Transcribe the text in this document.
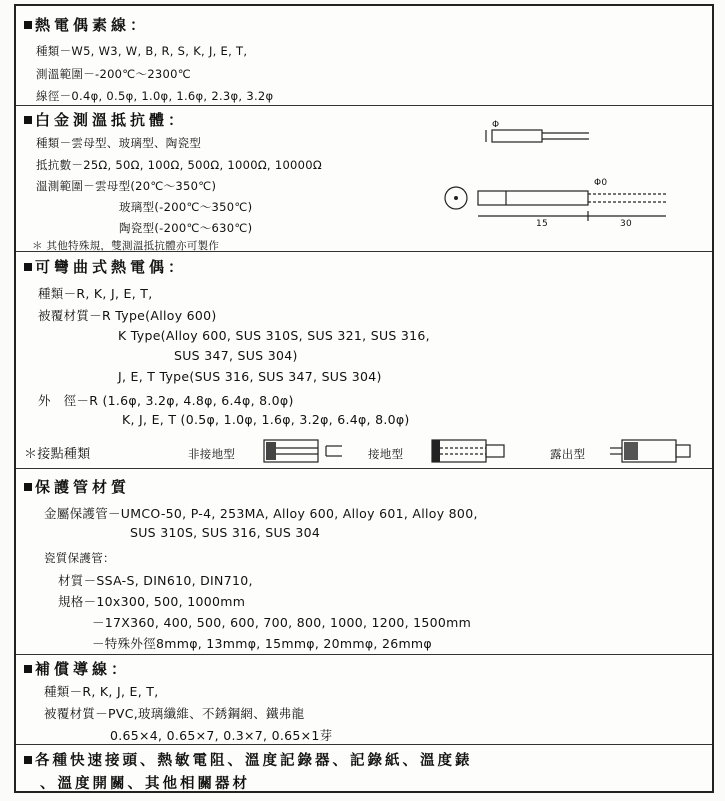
熱電偶素線：
種類－W5, W3, W, B, R, S, K, J, E, T,
測溫範圍－-200℃～2300℃
線徑－0.4φ, 0.5φ, 1.0φ, 1.6φ, 2.3φ, 3.2φ
白金測溫抵抗體：
種類－雲母型、玻璃型、陶瓷型
抵抗數－25Ω, 50Ω, 100Ω, 500Ω, 1000Ω, 10000Ω
溫測範圍－雲母型(20℃～350℃)
玻璃型(-200℃～350℃)
陶瓷型(-200℃～630℃)
＊ 其他特殊規，雙測溫抵抗體亦可製作
Φ
Φ0
15	30
可彎曲式熱電偶：
種類－R, K, J, E, T,
被覆材質－R Type(Alloy 600)
K Type(Alloy 600, SUS 310S, SUS 321, SUS 316,
SUS 347, SUS 304)
J, E, T Type(SUS 316, SUS 347, SUS 304)
外　徑－R (1.6φ, 3.2φ, 4.8φ, 6.4φ, 8.0φ)
K, J, E, T (0.5φ, 1.0φ, 1.6φ, 3.2φ, 6.4φ, 8.0φ)
＊接點種類	非接地型	接地型	露出型
保護管材質
金屬保護管－UMCO-50, P-4, 253MA, Alloy 600, Alloy 601, Alloy 800,
SUS 310S, SUS 316, SUS 304
瓷質保護管：
材質－SSA-S, DIN610, DIN710,
規格－10x300, 500, 1000mm
－17X360, 400, 500, 600, 700, 800, 1000, 1200, 1500mm
－特殊外徑8mmφ, 13mmφ, 15mmφ, 20mmφ, 26mmφ
補償導線：
種類－R, K, J, E, T,
被覆材質－PVC,玻璃纖維、不銹鋼網、鐵弗龍
0.65×4, 0.65×7, 0.3×7, 0.65×1芽
各種快速接頭、熱敏電阻、溫度記錄器、記錄紙、溫度錶
、溫度開關、其他相關器材
